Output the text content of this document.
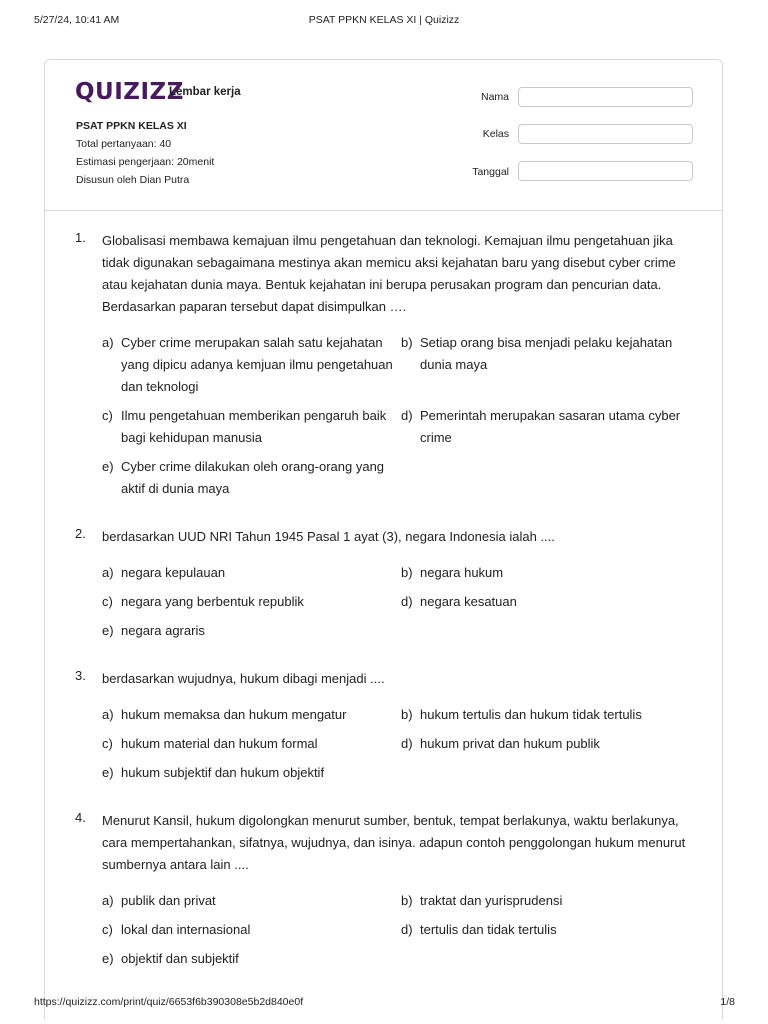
5/27/24, 10:41 AM	PSAT PPKN KELAS XI | Quizizz
QUIZIZZ
Lembar kerja
PSAT PPKN KELAS XI
Total pertanyaan: 40
Estimasi pengerjaan: 20menit
Disusun oleh Dian Putra
Nama
Kelas
Tanggal
1. Globalisasi membawa kemajuan ilmu pengetahuan dan teknologi. Kemajuan ilmu pengetahuan jika tidak digunakan sebagaimana mestinya akan memicu aksi kejahatan baru yang disebut cyber crime atau kejahatan dunia maya. Bentuk kejahatan ini berupa perusakan program dan pencurian data. Berdasarkan paparan tersebut dapat disimpulkan ….
a) Cyber crime merupakan salah satu kejahatan yang dipicu adanya kemjuan ilmu pengetahuan dan teknologi
b) Setiap orang bisa menjadi pelaku kejahatan dunia maya
c) Ilmu pengetahuan memberikan pengaruh baik bagi kehidupan manusia
d) Pemerintah merupakan sasaran utama cyber crime
e) Cyber crime dilakukan oleh orang-orang yang aktif di dunia maya
2. berdasarkan UUD NRI Tahun 1945 Pasal 1 ayat (3), negara Indonesia ialah ....
a) negara kepulauan	b) negara hukum
c) negara yang berbentuk republik	d) negara kesatuan
e) negara agraris
3. berdasarkan wujudnya, hukum dibagi menjadi ....
a) hukum memaksa dan hukum mengatur	b) hukum tertulis dan hukum tidak tertulis
c) hukum material dan hukum formal	d) hukum privat dan hukum publik
e) hukum subjektif dan hukum objektif
4. Menurut Kansil, hukum digolongkan menurut sumber, bentuk, tempat berlakunya, waktu berlakunya, cara mempertahankan, sifatnya, wujudnya, dan isinya. adapun contoh penggolongan hukum menurut sumbernya antara lain ....
a) publik dan privat	b) traktat dan yurisprudensi
c) lokal dan internasional	d) tertulis dan tidak tertulis
e) objektif dan subjektif
https://quizizz.com/print/quiz/6653f6b390308e5b2d840e0f	1/8
